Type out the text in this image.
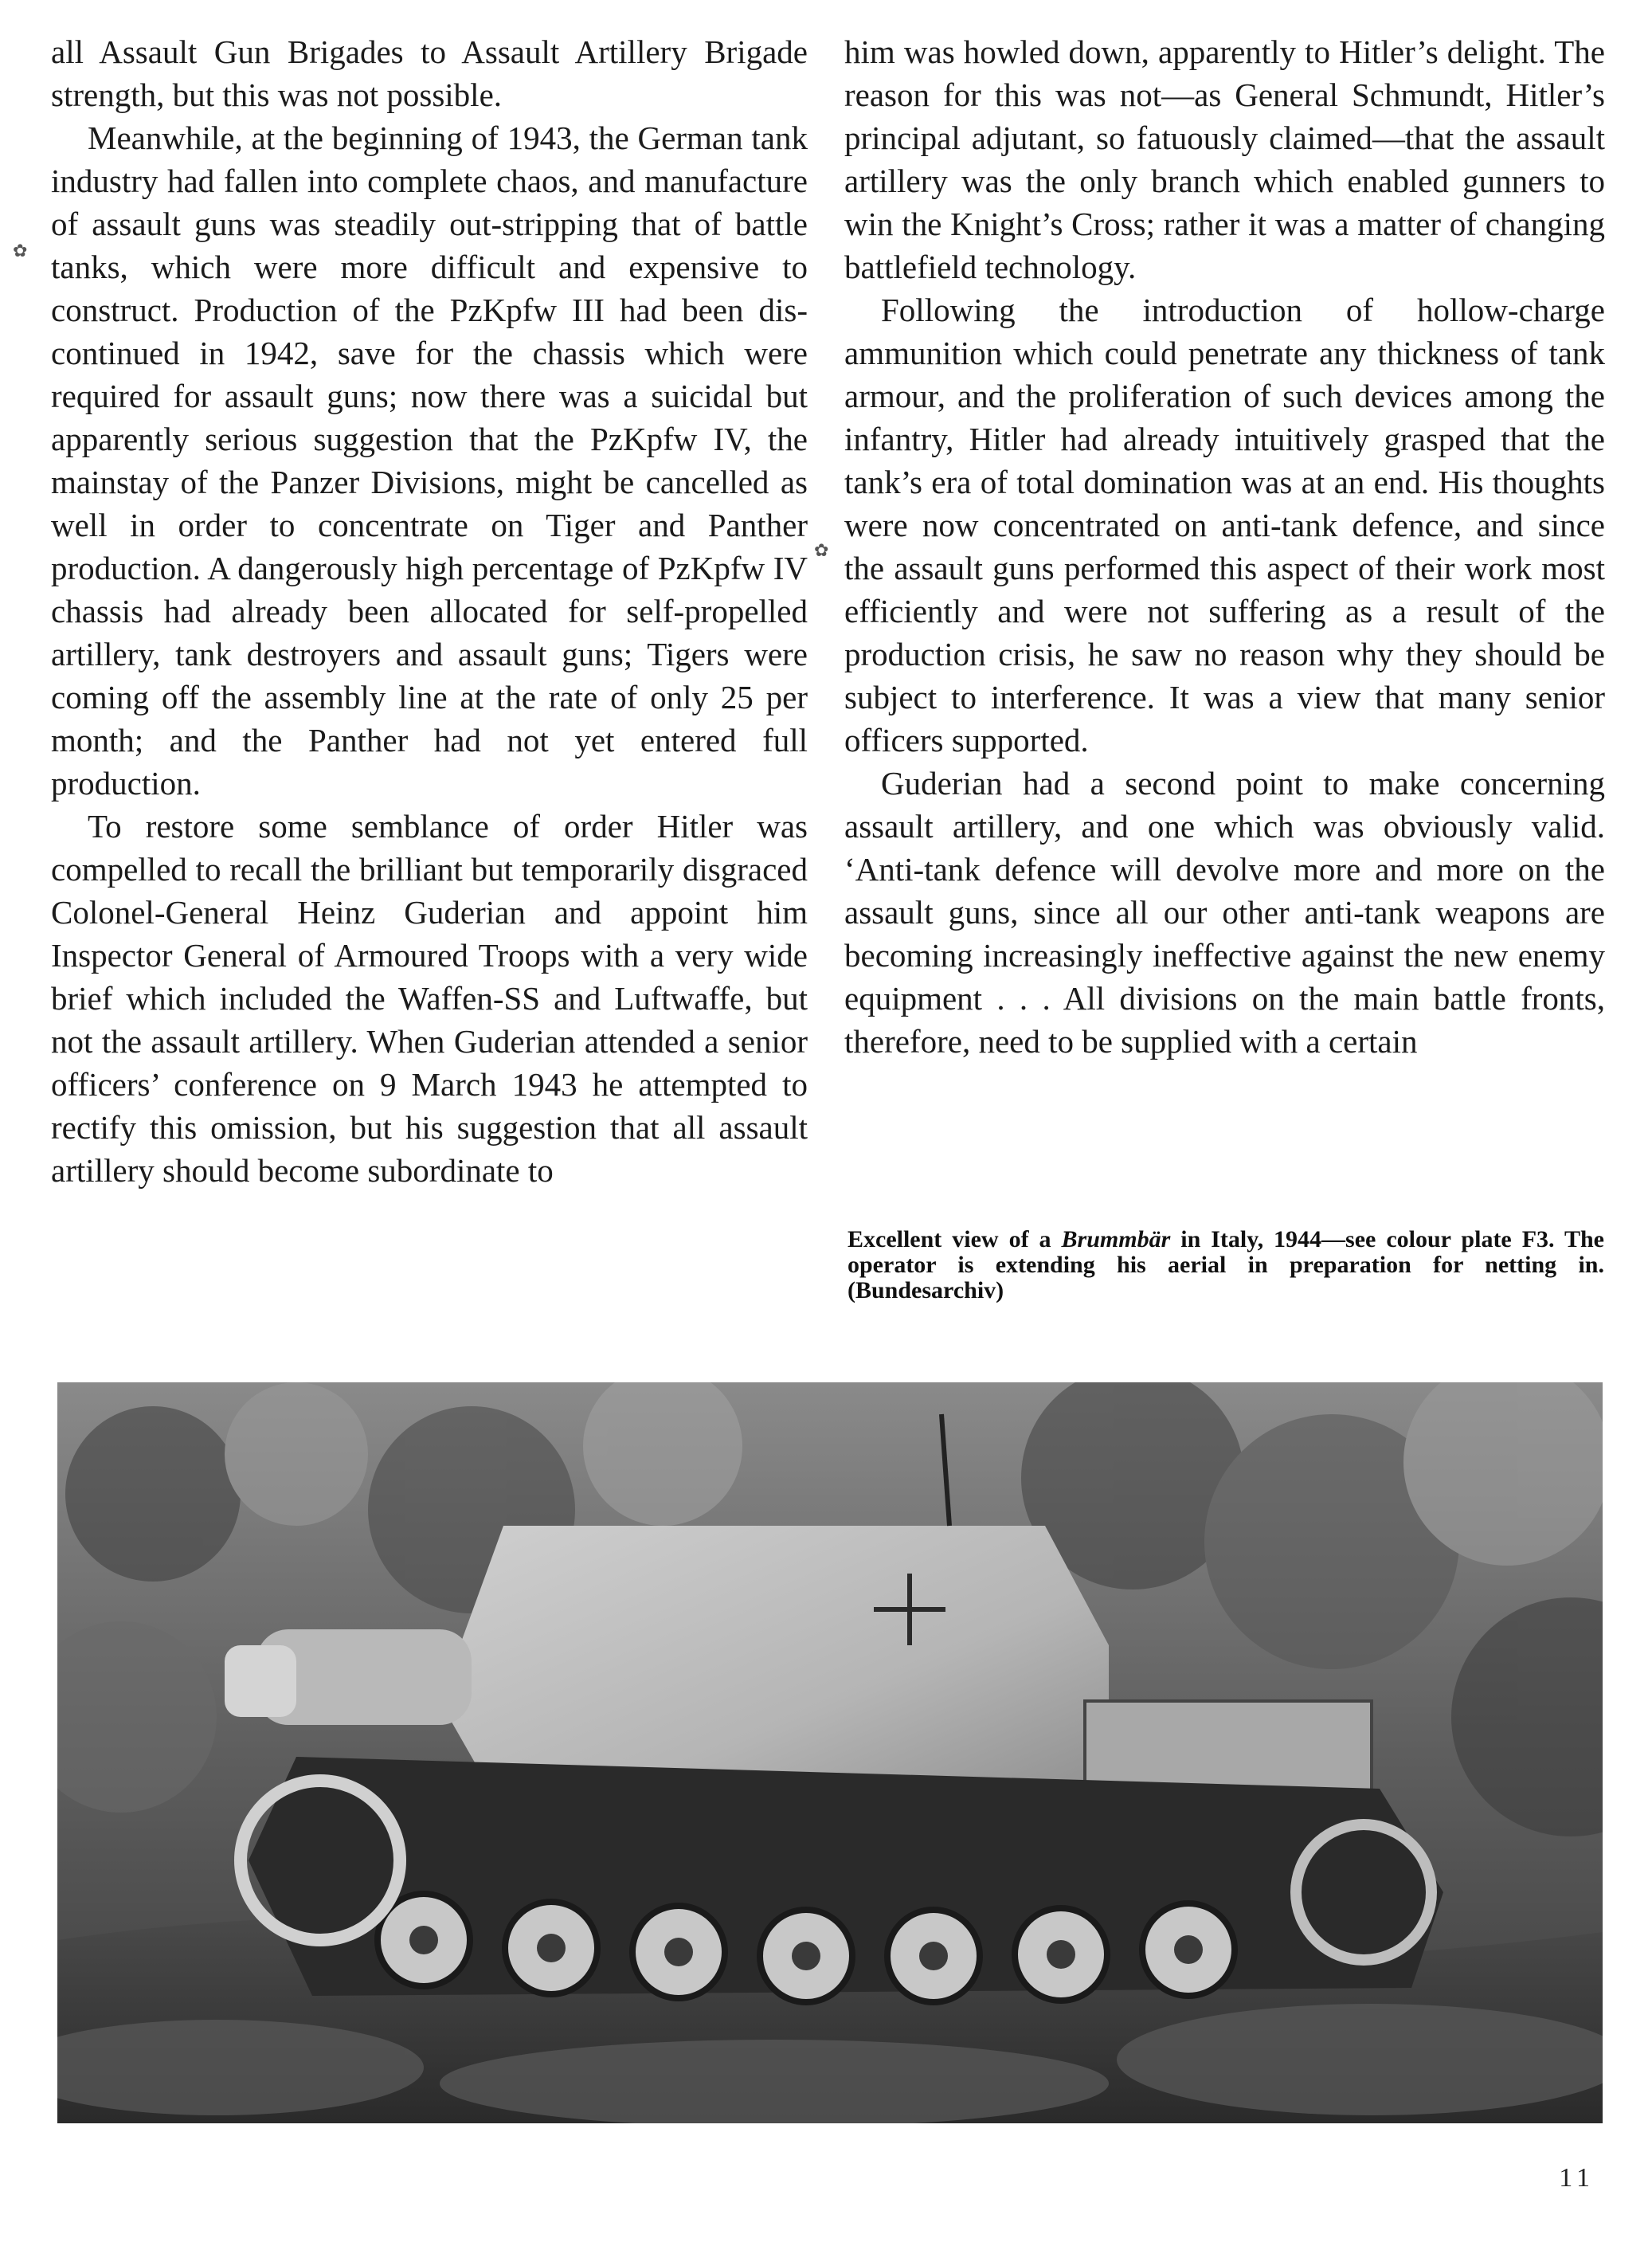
all Assault Gun Brigades to Assault Artillery Brigade strength, but this was not possible.

Meanwhile, at the beginning of 1943, the German tank industry had fallen into complete chaos, and manufacture of assault guns was steadily out-stripping that of battle tanks, which were more difficult and expensive to construct. Production of the PzKpfw III had been discontinued in 1942, save for the chassis which were required for assault guns; now there was a suicidal but apparently serious suggestion that the PzKpfw IV, the mainstay of the Panzer Divisions, might be cancelled as well in order to concentrate on Tiger and Panther production. A dangerously high percentage of PzKpfw IV chassis had already been allocated for self-propelled artillery, tank destroyers and assault guns; Tigers were coming off the assembly line at the rate of only 25 per month; and the Panther had not yet entered full production.

To restore some semblance of order Hitler was compelled to recall the brilliant but temporarily disgraced Colonel-General Heinz Guderian and appoint him Inspector General of Armoured Troops with a very wide brief which included the Waffen-SS and Luftwaffe, but not the assault artillery. When Guderian attended a senior officers’ conference on 9 March 1943 he attempted to rectify this omission, but his suggestion that all assault artillery should become subordinate to

him was howled down, apparently to Hitler’s delight. The reason for this was not—as General Schmundt, Hitler’s principal adjutant, so fatuously claimed—that the assault artillery was the only branch which enabled gunners to win the Knight’s Cross; rather it was a matter of changing battlefield technology.

Following the introduction of hollow-charge ammunition which could penetrate any thickness of tank armour, and the proliferation of such devices among the infantry, Hitler had already intuitively grasped that the tank’s era of total domination was at an end. His thoughts were now concentrated on anti-tank defence, and since the assault guns performed this aspect of their work most efficiently and were not suffering as a result of the production crisis, he saw no reason why they should be subject to interference. It was a view that many senior officers supported.

Guderian had a second point to make concerning assault artillery, and one which was obviously valid. ‘Anti-tank defence will devolve more and more on the assault guns, since all our other anti-tank weapons are becoming increasingly ineffective against the new enemy equipment . . . All divisions on the main battle fronts, therefore, need to be supplied with a certain

✿
✿
Excellent view of a Brummbär in Italy, 1944—see colour plate F3. The operator is extending his aerial in preparation for netting in. (Bundesarchiv)
11
